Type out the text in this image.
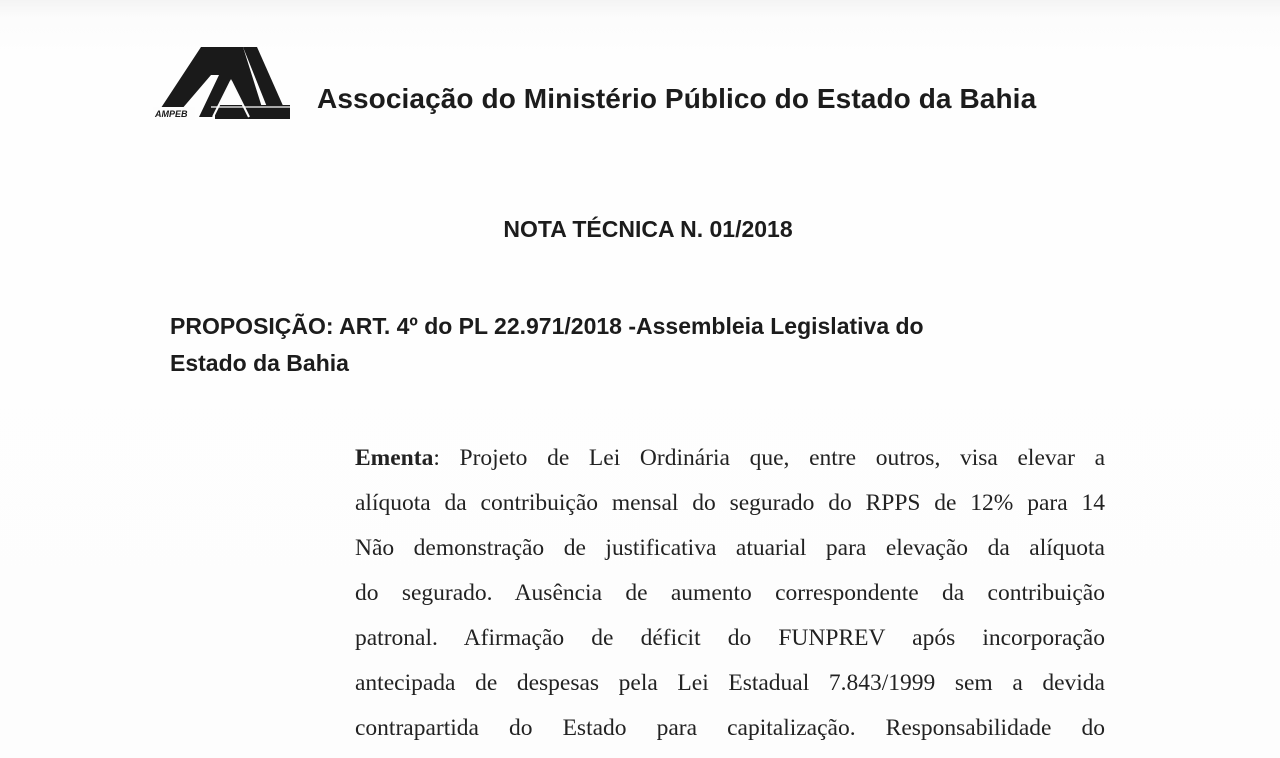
AMPEB	Associação do Ministério Público do Estado da Bahia
NOTA TÉCNICA N. 01/2018
PROPOSIÇÃO: ART. 4º do PL 22.971/2018 -Assembleia Legislativa do
Estado da Bahia
Ementa: Projeto de Lei Ordinária que, entre outros, visa elevar a
alíquota da contribuição mensal do segurado do RPPS de 12% para 14
Não demonstração de justificativa atuarial para elevação da alíquota
do segurado. Ausência de aumento correspondente da contribuição
patronal. Afirmação de déficit do FUNPREV após incorporação
antecipada de despesas pela Lei Estadual 7.843/1999 sem a devida
contrapartida do Estado para capitalização. Responsabilidade do
